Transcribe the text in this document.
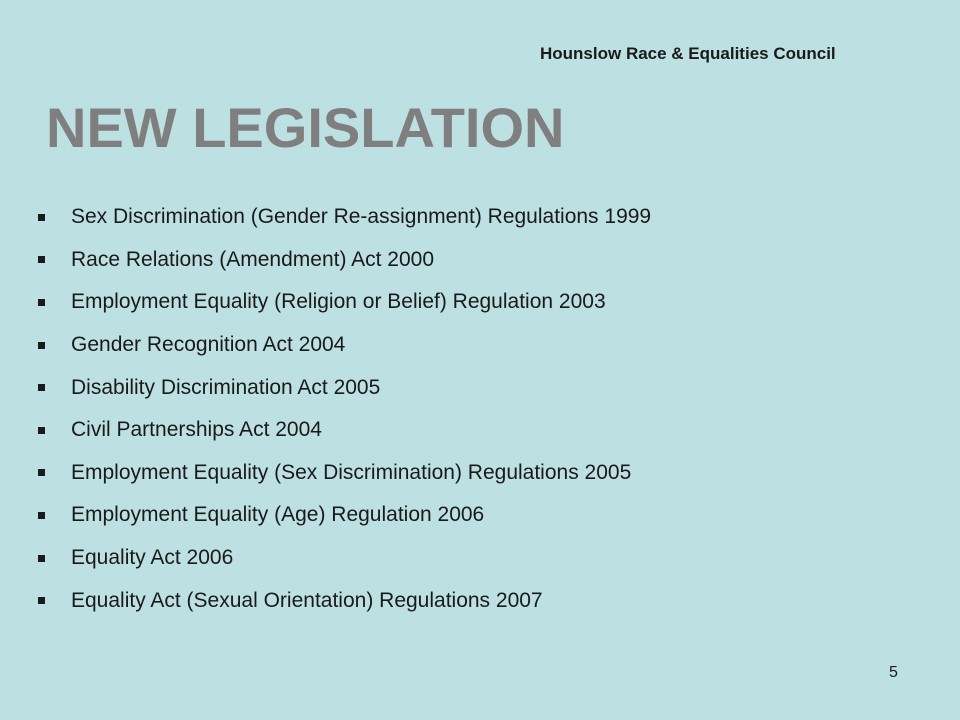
Hounslow Race & Equalities Council
NEW LEGISLATION
Sex Discrimination (Gender Re-assignment) Regulations 1999
Race Relations (Amendment) Act 2000
Employment Equality (Religion or Belief) Regulation 2003
Gender Recognition Act 2004
Disability Discrimination Act 2005
Civil Partnerships Act 2004
Employment Equality (Sex Discrimination) Regulations 2005
Employment Equality (Age) Regulation 2006
Equality Act 2006
Equality Act (Sexual Orientation) Regulations 2007
5
